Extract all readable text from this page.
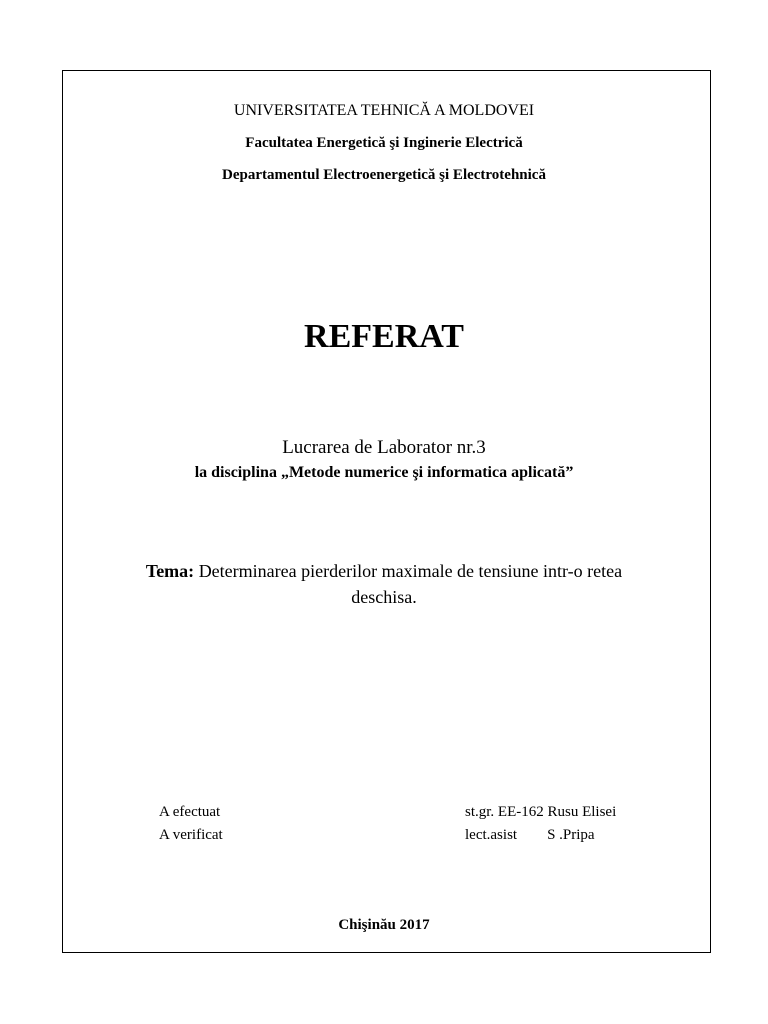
UNIVERSITATEA TEHNICĂ A MOLDOVEI
Facultatea Energetică şi Inginerie Electrică
Departamentul Electroenergetică şi Electrotehnică
REFERAT
Lucrarea de Laborator nr.3
la disciplina „Metode numerice şi informatica aplicată”
Tema: Determinarea pierderilor maximale de tensiune intr-o retea
deschisa.
A efectuat	st.gr. EE-162 Rusu Elisei
A verificat	lect.asist        S .Pripa
Chişinău 2017
